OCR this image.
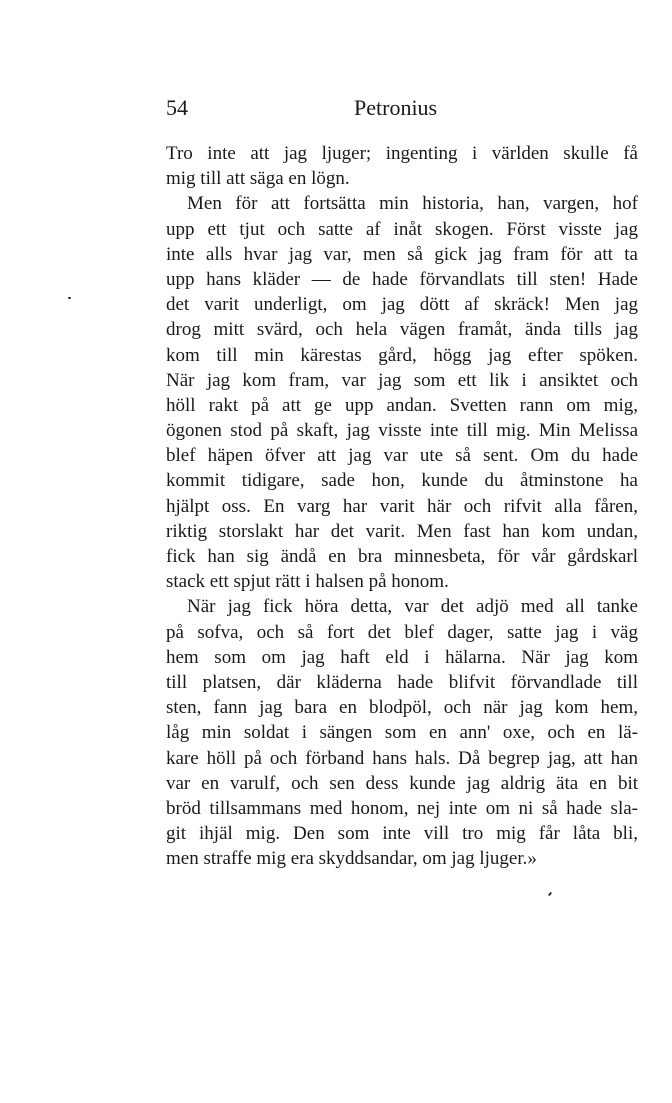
54	Petronius
Tro inte att jag ljuger; ingenting i världen skulle få
mig till att säga en lögn.
Men för att fortsätta min historia, han, vargen, hof
upp ett tjut och satte af inåt skogen. Först visste jag
inte alls hvar jag var, men så gick jag fram för att ta
upp hans kläder — de hade förvandlats till sten! Hade
det varit underligt, om jag dött af skräck! Men jag
drog mitt svärd, och hela vägen framåt, ända tills jag
kom till min kärestas gård, högg jag efter spöken.
När jag kom fram, var jag som ett lik i ansiktet och
höll rakt på att ge upp andan. Svetten rann om mig,
ögonen stod på skaft, jag visste inte till mig. Min Melissa
blef häpen öfver att jag var ute så sent. Om du hade
kommit tidigare, sade hon, kunde du åtminstone ha
hjälpt oss. En varg har varit här och rifvit alla fåren,
riktig storslakt har det varit. Men fast han kom undan,
fick han sig ändå en bra minnesbeta, för vår gårdskarl
stack ett spjut rätt i halsen på honom.
När jag fick höra detta, var det adjö med all tanke
på sofva, och så fort det blef dager, satte jag i väg
hem som om jag haft eld i hälarna. När jag kom
till platsen, där kläderna hade blifvit förvandlade till
sten, fann jag bara en blodpöl, och när jag kom hem,
låg min soldat i sängen som en ann' oxe, och en lä-
kare höll på och förband hans hals. Då begrep jag, att han
var en varulf, och sen dess kunde jag aldrig äta en bit
bröd tillsammans med honom, nej inte om ni så hade sla-
git ihjäl mig. Den som inte vill tro mig får låta bli,
men straffe mig era skyddsandar, om jag ljuger.»
